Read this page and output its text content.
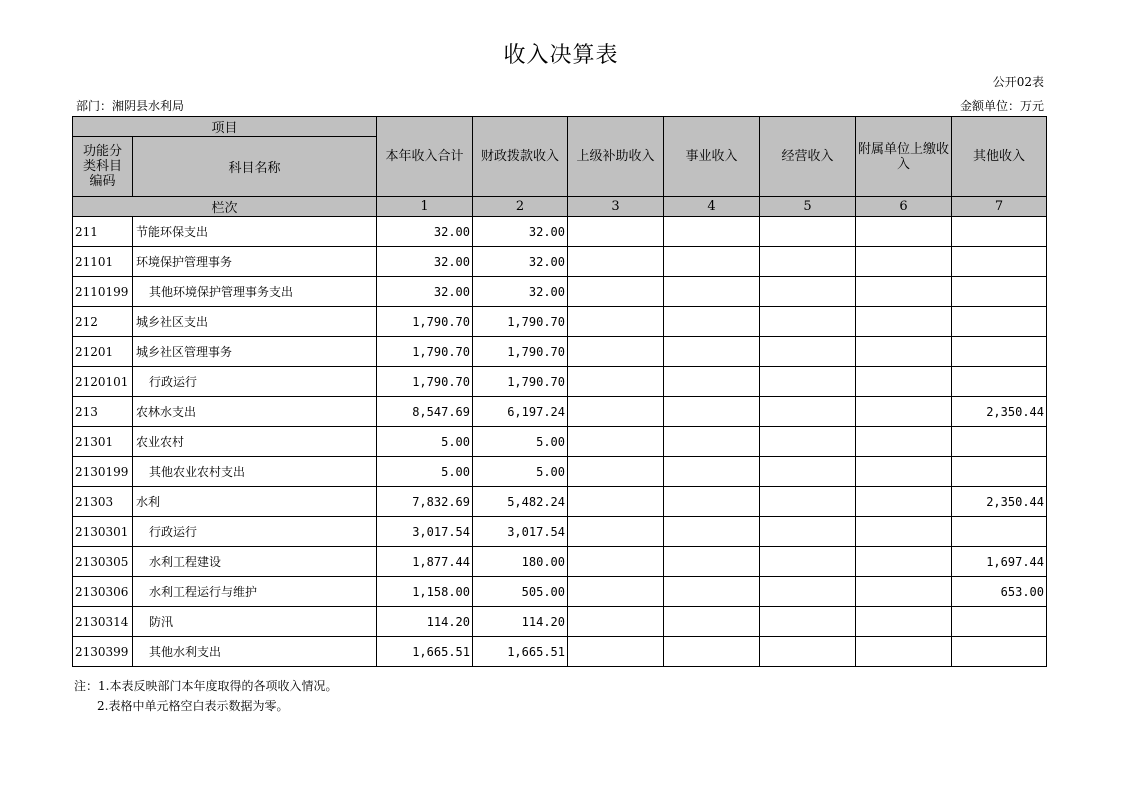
收入决算表
公开02表
部门：湘阴县水利局	金额单位：万元
项目		本年收入合计	财政拨款收入	上级补助收入	事业收入	经营收入	附属单位上缴收入	其他收入
功能分类科目编码	科目名称							
栏次		1	2	3	4	5	6	7
211	节能环保支出	32.00	32.00					
21101	环境保护管理事务	32.00	32.00					
2110199	其他环境保护管理事务支出	32.00	32.00					
212	城乡社区支出	1,790.70	1,790.70					
21201	城乡社区管理事务	1,790.70	1,790.70					
2120101	行政运行	1,790.70	1,790.70					
213	农林水支出	8,547.69	6,197.24					2,350.44
21301	农业农村	5.00	5.00					
2130199	其他农业农村支出	5.00	5.00					
21303	水利	7,832.69	5,482.24					2,350.44
2130301	行政运行	3,017.54	3,017.54					
2130305	水利工程建设	1,877.44	180.00					1,697.44
2130306	水利工程运行与维护	1,158.00	505.00					653.00
2130314	防汛	114.20	114.20					
2130399	其他水利支出	1,665.51	1,665.51					
注：1.本表反映部门本年度取得的各项收入情况。
2.表格中单元格空白表示数据为零。
